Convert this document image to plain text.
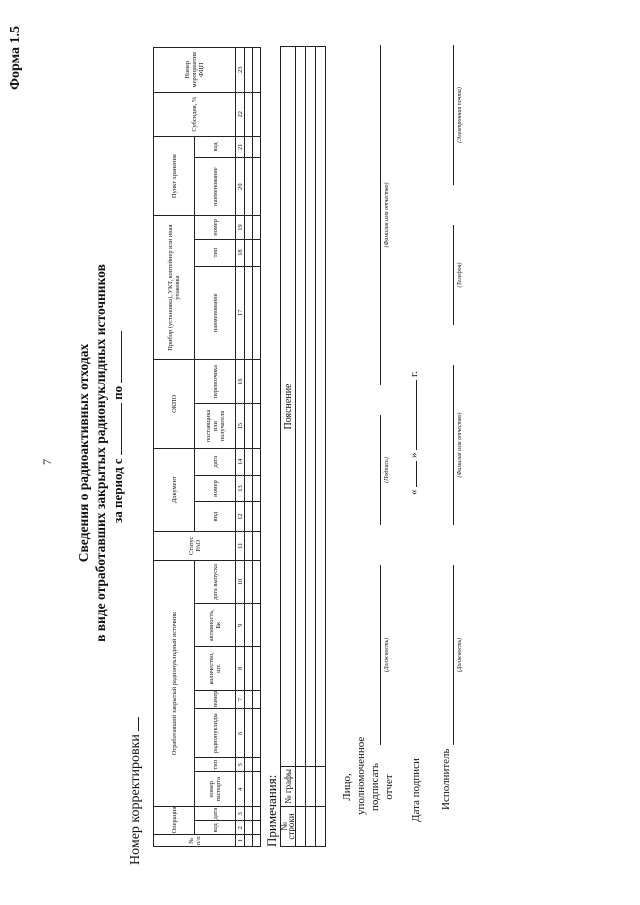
7
Форма 1.5
Сведения о радиоактивных отходах в виде отработавших закрытых радионуклидных источников за период с  по
Номер корректировки	№ п/п	Операция		Отработавший закрытый радионуклидный источник							Статус РАО	Документ			ОКПО		Прибор (установка), УКТ, контейнер или иная упаковка			Пункт хранения		Субсидия, %	Номер мероприятия ФЦП
	код	дата	номер паспорта	тип	радионуклиды	номер	количество, шт.	активность, Бк	дата выпуска		вид	номер	дата	поставщика или получателя	перевозчика	наименование	тип	номер	наименование	код		
1	2	3	4	5	6	7	8	9	10	11	12	13	14	15	16	17	18	19	20	21	22	23

Примечания: № строки	№ графы	Пояснение

Лицо, уполномоченное подписать отчет
(Должность)
(Подпись)
(Фамилия имя отчество)
Дата подписи
«  »  г.
Исполнитель
(Должность)
(Фамилия имя отчество)
(Телефон)
(Электронная почта)
